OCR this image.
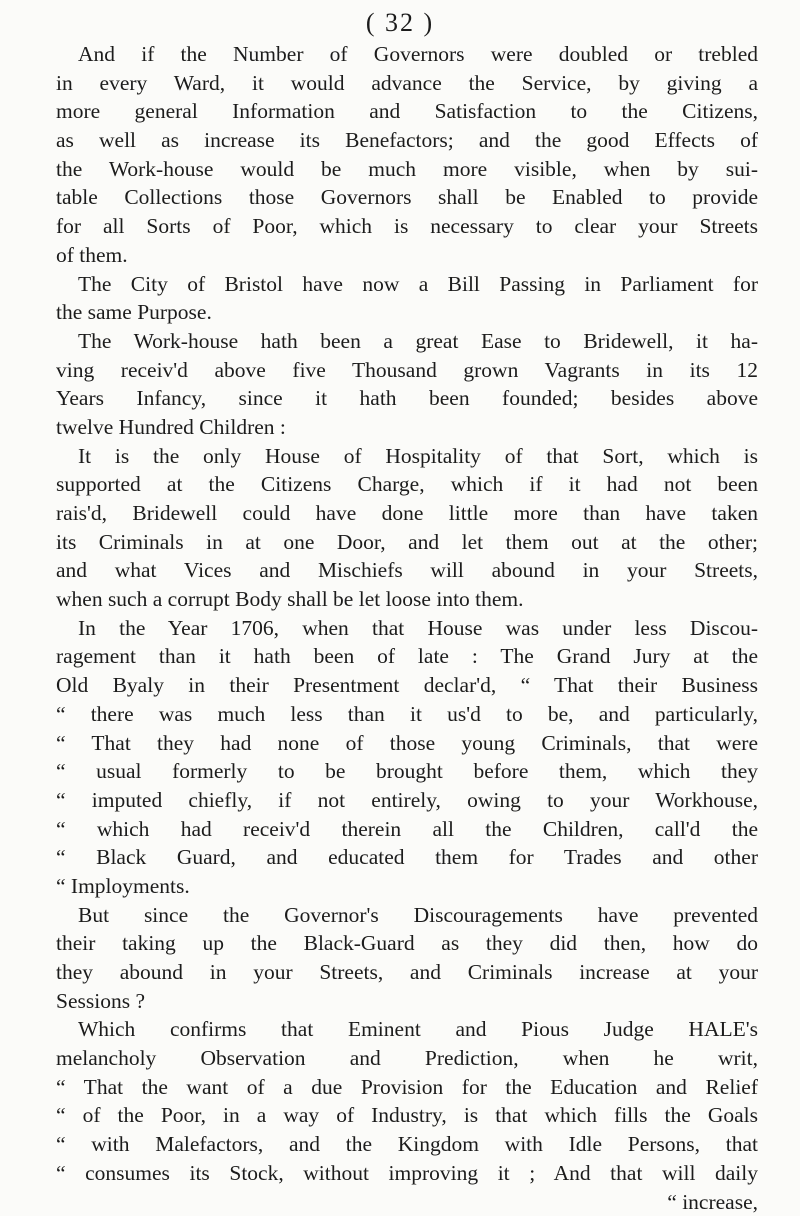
( 32 )
And if the Number of Governors were doubled or trebled
in every Ward, it would advance the Service, by giving a
more general Information and Satisfaction to the Citizens,
as well as increase its Benefactors; and the good Effects of
the Work-house would be much more visible, when by sui-
table Collections those Governors shall be Enabled to provide
for all Sorts of Poor, which is necessary to clear your Streets
of them.
The City of Bristol have now a Bill Passing in Parliament for
the same Purpose.
The Work-house hath been a great Ease to Bridewell, it ha-
ving receiv'd above five Thousand grown Vagrants in its 12
Years Infancy, since it hath been founded; besides above
twelve Hundred Children :
It is the only House of Hospitality of that Sort, which is
supported at the Citizens Charge, which if it had not been
rais'd, Bridewell could have done little more than have taken
its Criminals in at one Door, and let them out at the other;
and what Vices and Mischiefs will abound in your Streets,
when such a corrupt Body shall be let loose into them.
In the Year 1706, when that House was under less Discou-
ragement than it hath been of late : The Grand Jury at the
Old Byaly in their Presentment declar'd, “ That their Business
“ there was much less than it us'd to be, and particularly,
“ That they had none of those young Criminals, that were
“ usual formerly to be brought before them, which they
“ imputed chiefly, if not entirely, owing to your Workhouse,
“ which had receiv'd therein all the Children, call'd the
“ Black Guard, and educated them for Trades and other
“ Imployments.
But since the Governor's Discouragements have prevented
their taking up the Black-Guard as they did then, how do
they abound in your Streets, and Criminals increase at your
Sessions ?
Which confirms that Eminent and Pious Judge HALE's
melancholy Observation and Prediction, when he writ,
“ That the want of a due Provision for the Education and Relief
“ of the Poor, in a way of Industry, is that which fills the Goals
“ with Malefactors, and the Kingdom with Idle Persons, that
“ consumes its Stock, without improving it ; And that will daily
“ increase,
